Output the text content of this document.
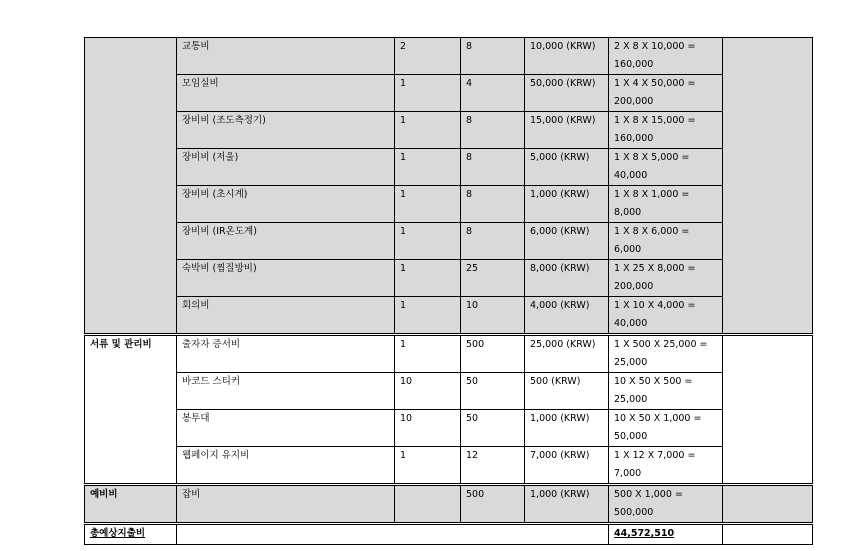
	교통비	2	8	10,000 (KRW)	2 X 8 X 10,000 = 160,000	
	모임실비	1	4	50,000 (KRW)	1 X 4 X 50,000 = 200,000	
	장비비 (조도측정기)	1	8	15,000 (KRW)	1 X 8 X 15,000 = 160,000	
	장비비 (저울)	1	8	5,000 (KRW)	1 X 8 X 5,000 = 40,000	
	장비비 (초시계)	1	8	1,000 (KRW)	1 X 8 X 1,000 = 8,000	
	장비비 (IR온도계)	1	8	6,000 (KRW)	1 X 8 X 6,000 = 6,000	
	숙박비 (찜질방비)	1	25	8,000 (KRW)	1 X 25 X 8,000 = 200,000	
	회의비	1	10	4,000 (KRW)	1 X 10 X 4,000 = 40,000	
서류 및 관리비	출자자 증서비	1	500	25,000 (KRW)	1 X 500 X 25,000 = 25,000	
	바코드 스티커	10	50	500 (KRW)	10 X 50 X 500 = 25,000	
	봉투대	10	50	1,000 (KRW)	10 X 50 X 1,000 = 50,000	
	웹페이지 유지비	1	12	7,000 (KRW)	1 X 12 X 7,000 = 7,000	
예비비	잡비		500	1,000 (KRW)	500 X 1,000 = 500,000	
총예상지출비					44,572,510	
